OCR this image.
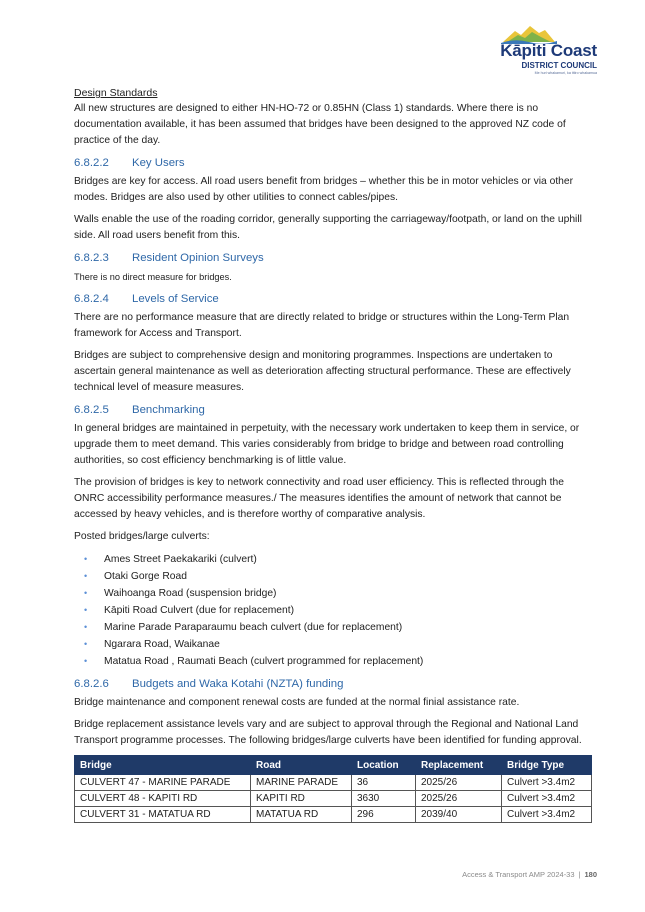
Kāpiti Coast
DISTRICT COUNCIL
Me huri whakamuri, ka titiro whakamua

Design Standards

All new structures are designed to either HN-HO-72 or 0.85HN (Class 1) standards. Where there is no documentation available, it has been assumed that bridges have been designed to the approved NZ code of practice of the day.

6.8.2.2 Key Users

Bridges are key for access. All road users benefit from bridges – whether this be in motor vehicles or via other modes. Bridges are also used by other utilities to connect cables/pipes.

Walls enable the use of the roading corridor, generally supporting the carriageway/footpath, or land on the uphill side. All road users benefit from this.

6.8.2.3 Resident Opinion Surveys

There is no direct measure for bridges.

6.8.2.4 Levels of Service

There are no performance measure that are directly related to bridge or structures within the Long-Term Plan framework for Access and Transport.

Bridges are subject to comprehensive design and monitoring programmes. Inspections are undertaken to ascertain general maintenance as well as deterioration affecting structural performance. These are effectively technical level of measure measures.

6.8.2.5 Benchmarking

In general bridges are maintained in perpetuity, with the necessary work undertaken to keep them in service, or upgrade them to meet demand. This varies considerably from bridge to bridge and between road controlling authorities, so cost efficiency benchmarking is of little value.

The provision of bridges is key to network connectivity and road user efficiency. This is reflected through the ONRC accessibility performance measures./ The measures identifies the amount of network that cannot be accessed by heavy vehicles, and is therefore worthy of comparative analysis.

Posted bridges/large culverts:

• Ames Street Paekakariki (culvert)
• Otaki Gorge Road
• Waihoanga Road (suspension bridge)
• Kāpiti Road Culvert (due for replacement)
• Marine Parade Paraparaumu beach culvert (due for replacement)
• Ngarara Road, Waikanae
• Matatua Road , Raumati Beach (culvert programmed for replacement)
6.8.2.6 Budgets and Waka Kotahi (NZTA) funding

Bridge maintenance and component renewal costs are funded at the normal finial assistance rate.

Bridge replacement assistance levels vary and are subject to approval through the Regional and National Land Transport programme processes. The following bridges/large culverts have been identified for funding approval.

Bridge	Road	Location	Replacement	Bridge Type
CULVERT 47 - MARINE PARADE	MARINE PARADE	36	2025/26	Culvert >3.4m2
CULVERT 48 - KAPITI RD	KAPITI RD	3630	2025/26	Culvert >3.4m2
CULVERT 31 - MATATUA RD	MATATUA RD	296	2039/40	Culvert >3.4m2
Access & Transport AMP 2024-33 | 180
